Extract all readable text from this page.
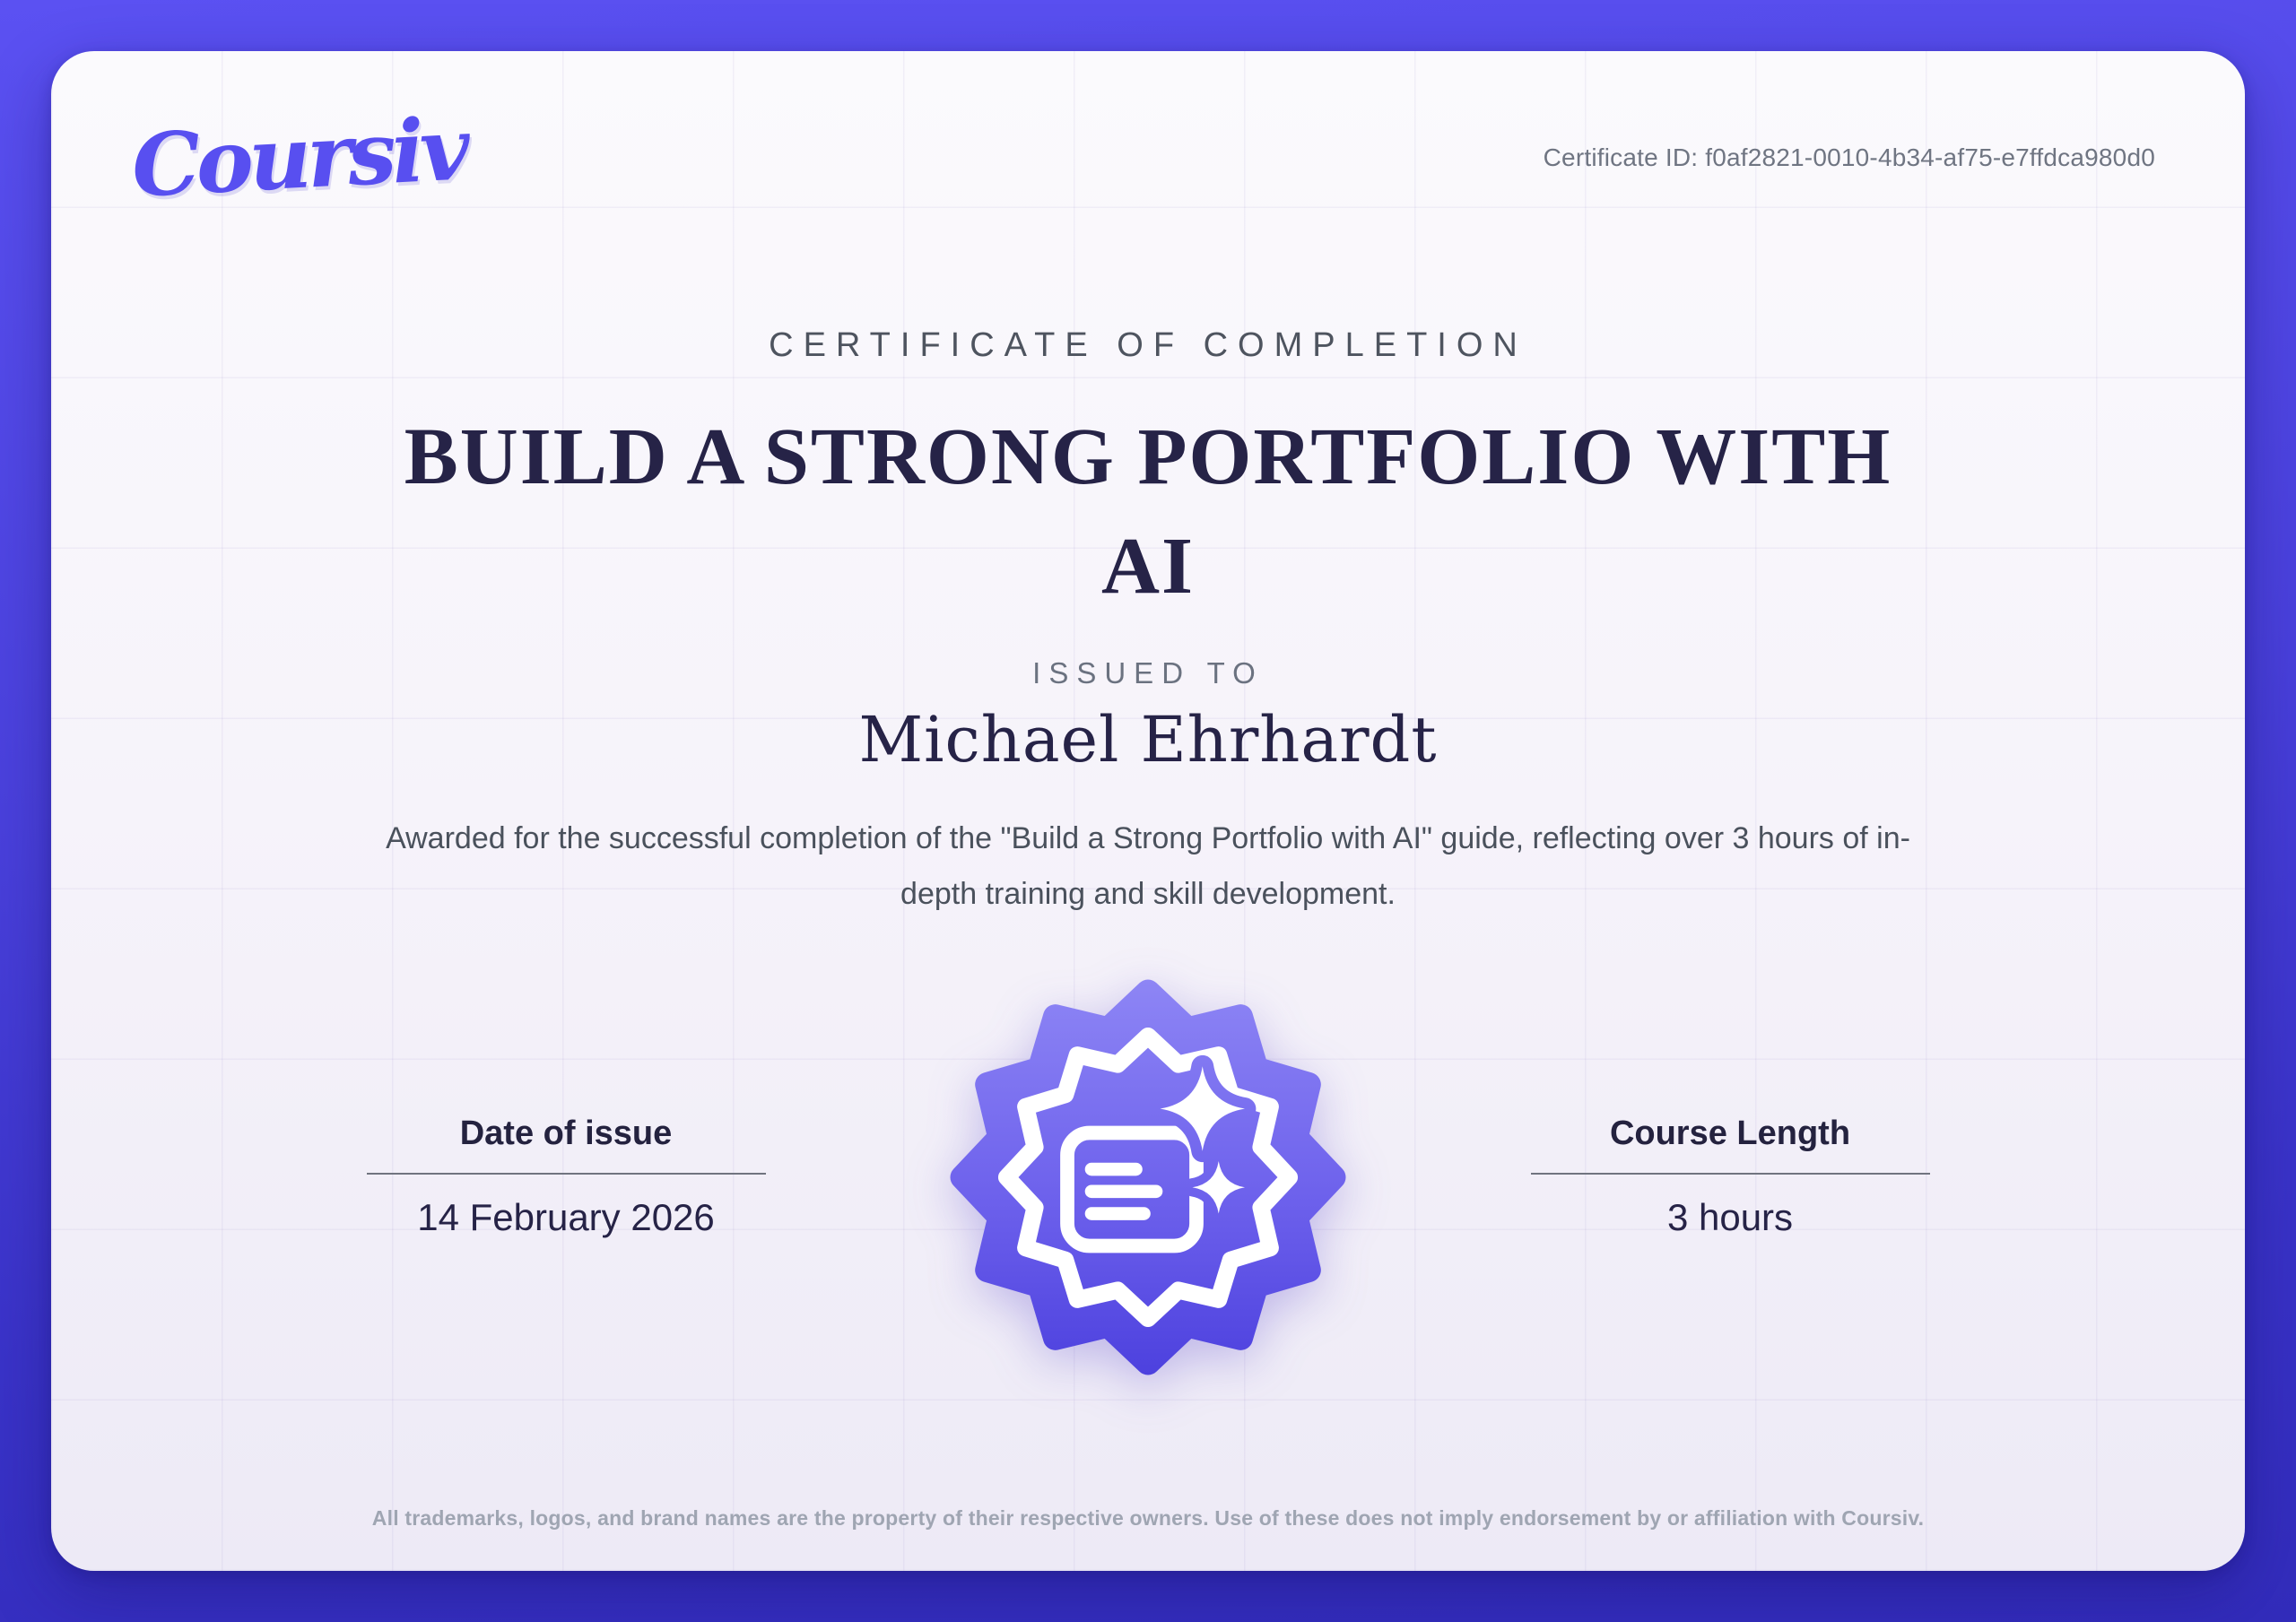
Coursiv	Certificate ID: f0af2821-0010-4b34-af75-e7ffdca980d0
CERTIFICATE OF COMPLETION
BUILD A STRONG PORTFOLIO WITH
AI
ISSUED TO
Michael Ehrhardt

Awarded for the successful completion of the "Build a Strong Portfolio with AI" guide, reflecting over 3 hours of in-
depth training and skill development.

Date of issue
14 February 2026
Course Length
3 hours
All trademarks, logos, and brand names are the property of their respective owners. Use of these does not imply endorsement by or affiliation with Coursiv.
